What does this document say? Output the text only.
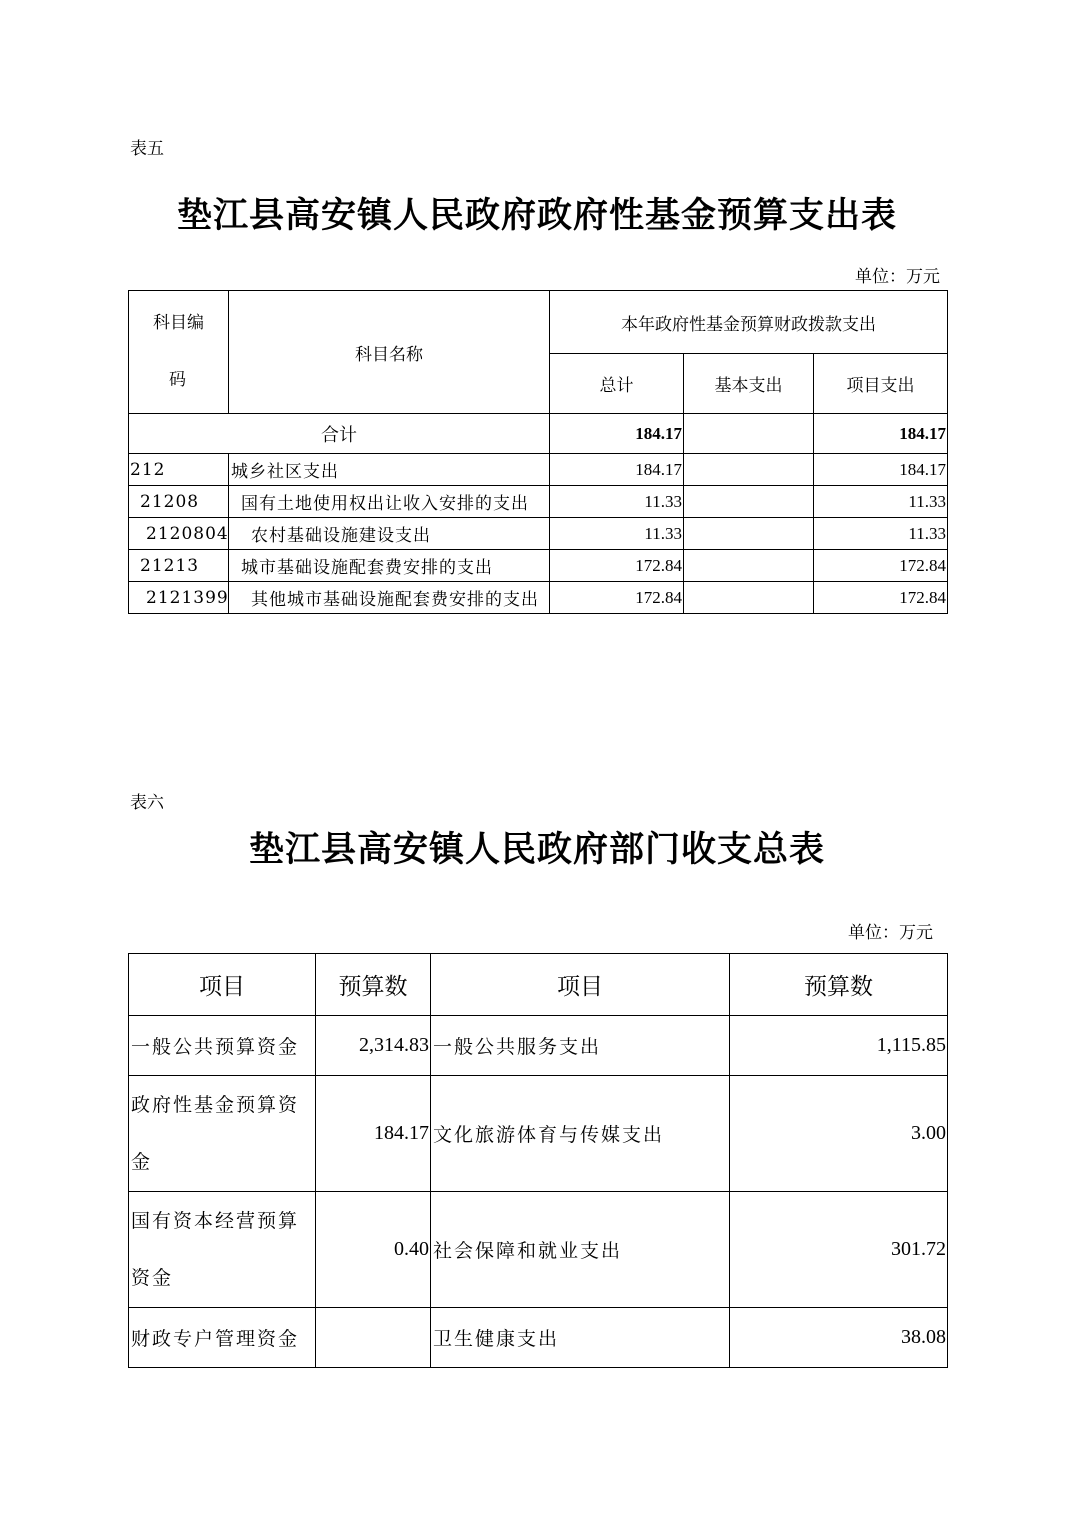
表五
垫江县高安镇人民政府政府性基金预算支出表
单位：万元
科目编
码	科目名称	本年政府性基金预算财政拨款支出		
		总计	基本支出	项目支出
合计		184.17		184.17
212	城乡社区支出	184.17		184.17
21208	国有土地使用权出让收入安排的支出	11.33		11.33
2120804	农村基础设施建设支出	11.33		11.33
21213	城市基础设施配套费安排的支出	172.84		172.84
2121399	其他城市基础设施配套费安排的支出	172.84		172.84
表六
垫江县高安镇人民政府部门收支总表
单位：万元
项目	预算数	项目	预算数
一般公共预算资金	2,314.83	一般公共服务支出	1,115.85

政府性基金预算资
金	184.17	文化旅游体育与传媒支出	3.00

国有资本经营预算
资金	0.40	社会保障和就业支出	301.72
财政专户管理资金		卫生健康支出	38.08
